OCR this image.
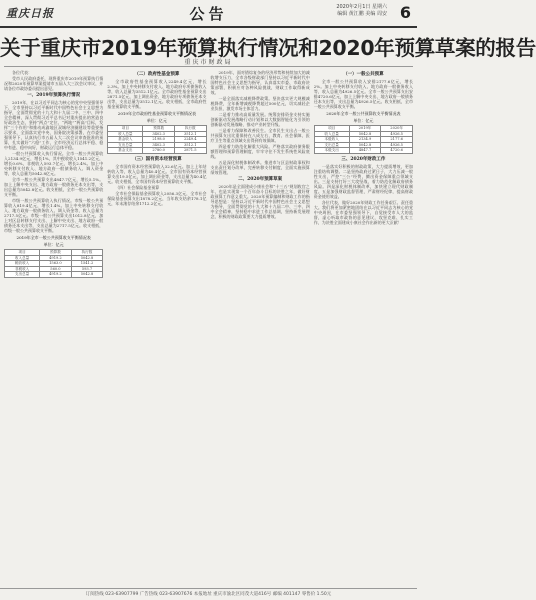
重庆日报	公告	2020年2月1日 星期六
编辑 黄江鹏 美编 周安 6
关于重庆市2019年预算执行情况和2020年预算草案的报告
重庆市财政局

各位代表：

受市人民政府委托，现将重庆市2019年预算执行情况和2020年预算草案提请市五届人大三次会议审议，并请各位市政协委员提出意见。

一、2019年预算执行情况

2019年，在以习近平同志为核心的党中央坚强领导下，全市坚持以习近平新时代中国特色社会主义思想为指导，全面贯彻党的十九大和十九届二中、三中、四中全会精神，深入贯彻习近平总书记对重庆提出的营造良好政治生态，坚持“两点”定位、“两地”“两高”目标，发挥“三个作用”和推动成渝地区双城经济圈建设等重要指示要求，全面落实党中央、国务院决策部署，在市委坚强领导下，认真执行市五届人大二次会议审查批准的预算，扎实做好“六稳”工作，全市经济运行总体平稳、稳中有进、稳中向好，财政运行总体平稳。

一般公共预算收入执行情况。全市一般公共预算收入2134.9亿元，增长1%，其中税收收入1541.2亿元，增长0.6%，非税收入593.7亿元，增长2.4%。加上中央转移支付收入、地方政府一般债务收入、调入资金等，收入总量为5042.8亿元。

全市一般公共预算支出4847.7亿元，增长5.1%。加上上解中央支出、地方政府一般债务还本支出等，支出总量为5042.8亿元。收支相抵，全市一般公共预算收支平衡。

市级一般公共预算收入执行情况。市级一般公共预算收入819.4亿元，增长1.4%。加上中央转移支付收入、地方政府一般债务收入、调入资金等，收入总量为2717.5亿元。市级一般公共预算支出1012.8亿元，加上对区县转移支付支出、上解中央支出、地方政府一般债务还本支出等，支出总量为2717.5亿元。收支相抵，市级一般公共预算收支平衡。

2019年全市一般公共预算收支平衡情况表
单位：亿元
项目	预算数	执行数
收入总量	4919.2	5042.8
税收收入	1563.0	1541.2
非税收入	560.0	593.7
支出总量	4919.2	5042.8
（二）政府性基金预算

全市政府性基金预算收入2249.4亿元，增长2.3%。加上中央转移支付收入、地方政府专项债务收入等，收入总量为3512.1亿元。全市政府性基金预算支出2871.5亿元，加上调出资金、地方政府专项债务还本支出等，支出总量为3512.1亿元。收支相抵，全市政府性基金预算收支平衡。

2019年全市政府性基金预算收支平衡情况表
单位：亿元
项目	预算数	执行数
收入总量	3402.3	3512.1
基金收入	2198.0	2249.4
支出总量	3402.3	3512.1
基金支出	2780.0	2871.5
（三）国有资本经营预算

全市国有资本经营预算收入32.6亿元。加上上年结转收入等，收入总量为40.4亿元。全市国有资本经营预算支出19.5亿元，加上调出资金等，支出总量为40.4亿元。收支相抵，全市国有资本经营预算收支平衡。

（四）社会保险基金预算

全市社会保险基金预算收入2056.3亿元，全市社会保险基金预算支出1878.2亿元，当年收支结余178.1亿元，年末滚存结余1712.2亿元。

2019年，面对错综复杂的经济形势和持续加大的减收增支压力，全市各级财政部门坚持以习近平新时代中国特色社会主义思想为指导，认真落实市委、市政府决策部署，积极应对各种风险挑战，财政工作取得新成效。

一是全面落实减税降费政策。坚决落实更大规模减税降费，全年新增减税降费超过500亿元，切实减轻企业负担，激发市场主体活力。

二是着力推动高质量发展。统筹安排资金支持实施创新驱动发展战略行动计划和以大数据智能化为引领的创新驱动发展战略，推动产业转型升级。

三是着力保障和改善民生。全市民生支出占一般公共预算支出比重保持在八成左右，教育、社会保障、医疗卫生等重点领域支出得到有效保障。

四是着力防范化解重大风险。严格落实政府债务限额管理和预算管理制度，牢牢守住不发生系统性风险底线。

五是深化财税体制改革。推进市与区县财政事权和支出责任划分改革，完善转移支付制度，全面实施预算绩效管理。

二、2020年预算草案

2020年是全面建成小康社会和“十三五”规划收官之年，也是实现第一个百年奋斗目标的决胜之年，做好财政预算工作意义重大。2020年预算编制和财政工作的指导思想是：坚持以习近平新时代中国特色社会主义思想为指导，全面贯彻党的十九大和十九届二中、三中、四中全会精神，坚持稳中求进工作总基调，坚持新发展理念，积极的财政政策要大力提质增效。

（一）一般公共预算

全市一般公共预算收入安排2177.6亿元，增长2%。加上中央转移支付收入、地方政府一般债务收入等，收入总量为4926.5亿元。全市一般公共预算支出安排4720.6亿元，加上上解中央支出、地方政府一般债务还本支出等，支出总量为4926.5亿元。收支相抵，全市一般公共预算收支平衡。

2020年全市一般公共预算收支平衡情况表
单位：亿元
项目	2019年	2020年
收入总量	5042.8	4926.5
本级收入	2134.9	2177.6
支出总量	5042.8	4926.5
本级支出	4847.7	4720.6
三、2020年财政工作

一是落实好积极的财政政策，大力提质增效，更加注重结构调整。二是坚持政府过紧日子，大力压减一般性支出，严控“三公”经费，腾出资金保障重点领域支出。三是支持打好三大攻坚战，着力防范化解政府债务风险。四是深化财税体制改革，加快建立现代财政制度。五是加强财政监督管理，严肃财经纪律，提高财政资金使用效益。

各位代表，做好2020年财政工作任务艰巨、责任重大。我们将更加紧密地团结在以习近平同志为核心的党中央周围，在市委坚强领导下，自觉接受市人大的监督，虚心听取市政协的意见建议，攻坚克难、扎实工作，为决胜全面建成小康社会作出新的更大贡献！

订阅热线 023-63907799 广告热线 023-63907676 本报地址 重庆市渝北区同茂大道416号 邮编 401147 零售价 1.50元
